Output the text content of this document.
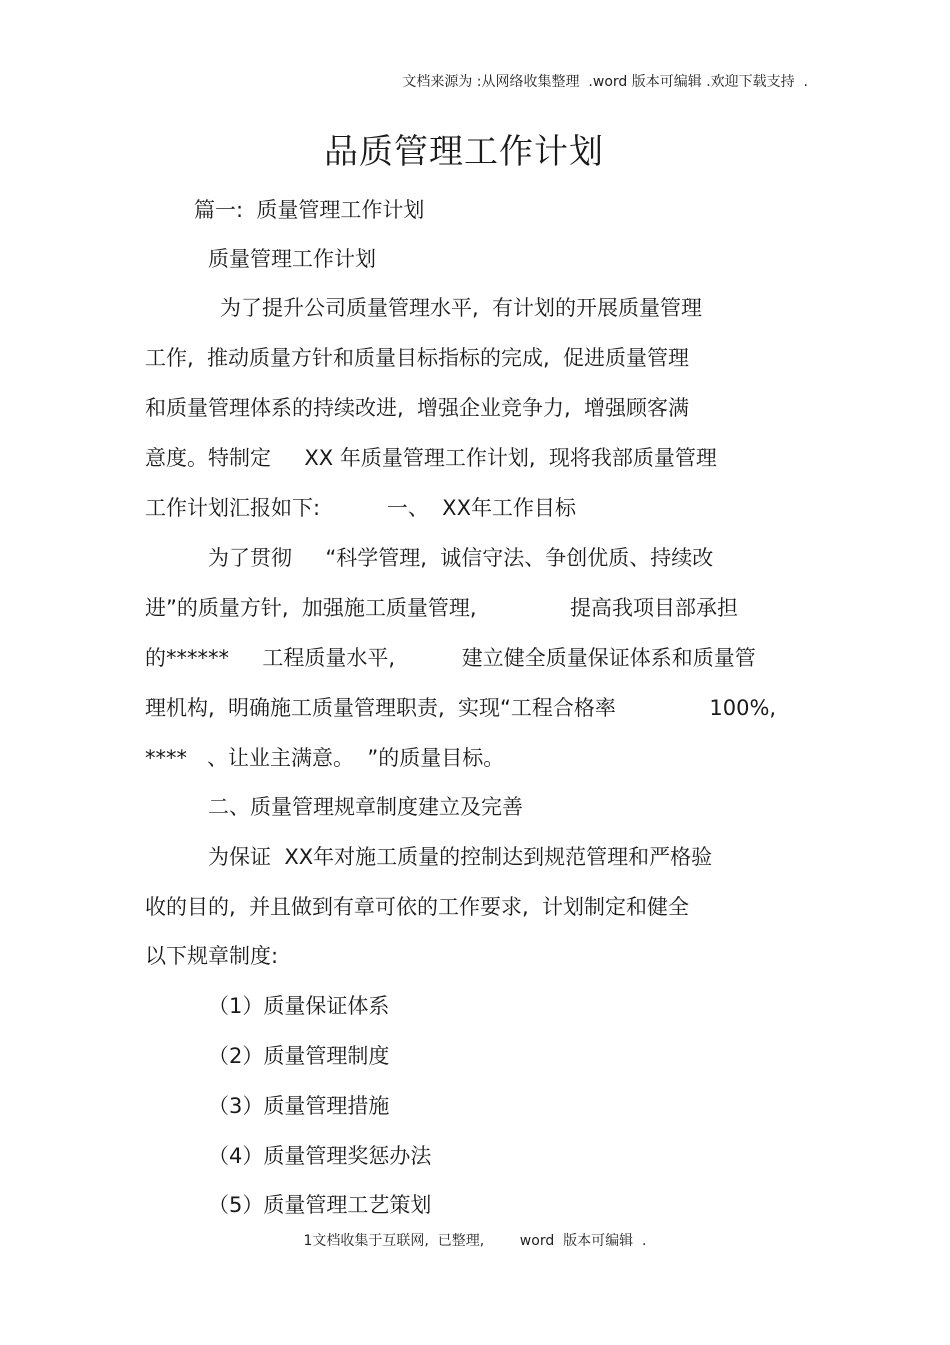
文档来源为 :从网络收集整理  .word 版本可编辑 .欢迎下载支持  .
品质管理工作计划
篇一:  质量管理工作计划
质量管理工作计划
为了提升公司质量管理水平,  有计划的开展质量管理
工作,  推动质量方针和质量目标指标的完成,  促进质量管理
和质量管理体系的持续改进,  增强企业竞争力,  增强顾客满
意度。特制定     XX 年质量管理工作计划,  现将我部质量管理
工作计划汇报如下:          一、  XX年工作目标
为了贯彻     “科学管理,  诚信守法、争创优质、持续改
进”的质量方针,  加强施工质量管理,              提高我项目部承担
的******     工程质量水平,          建立健全质量保证体系和质量管
理机构,  明确施工质量管理职责,  实现“工程合格率              100%,
****   、让业主满意。  ”的质量目标。
二、质量管理规章制度建立及完善
为保证  XX年对施工质量的控制达到规范管理和严格验
收的目的,  并且做到有章可依的工作要求,  计划制定和健全
以下规章制度:
（1）质量保证体系
（2）质量管理制度
（3）质量管理措施
（4）质量管理奖惩办法
（5）质量管理工艺策划
1文档收集于互联网,  已整理,        word  版本可编辑  .
